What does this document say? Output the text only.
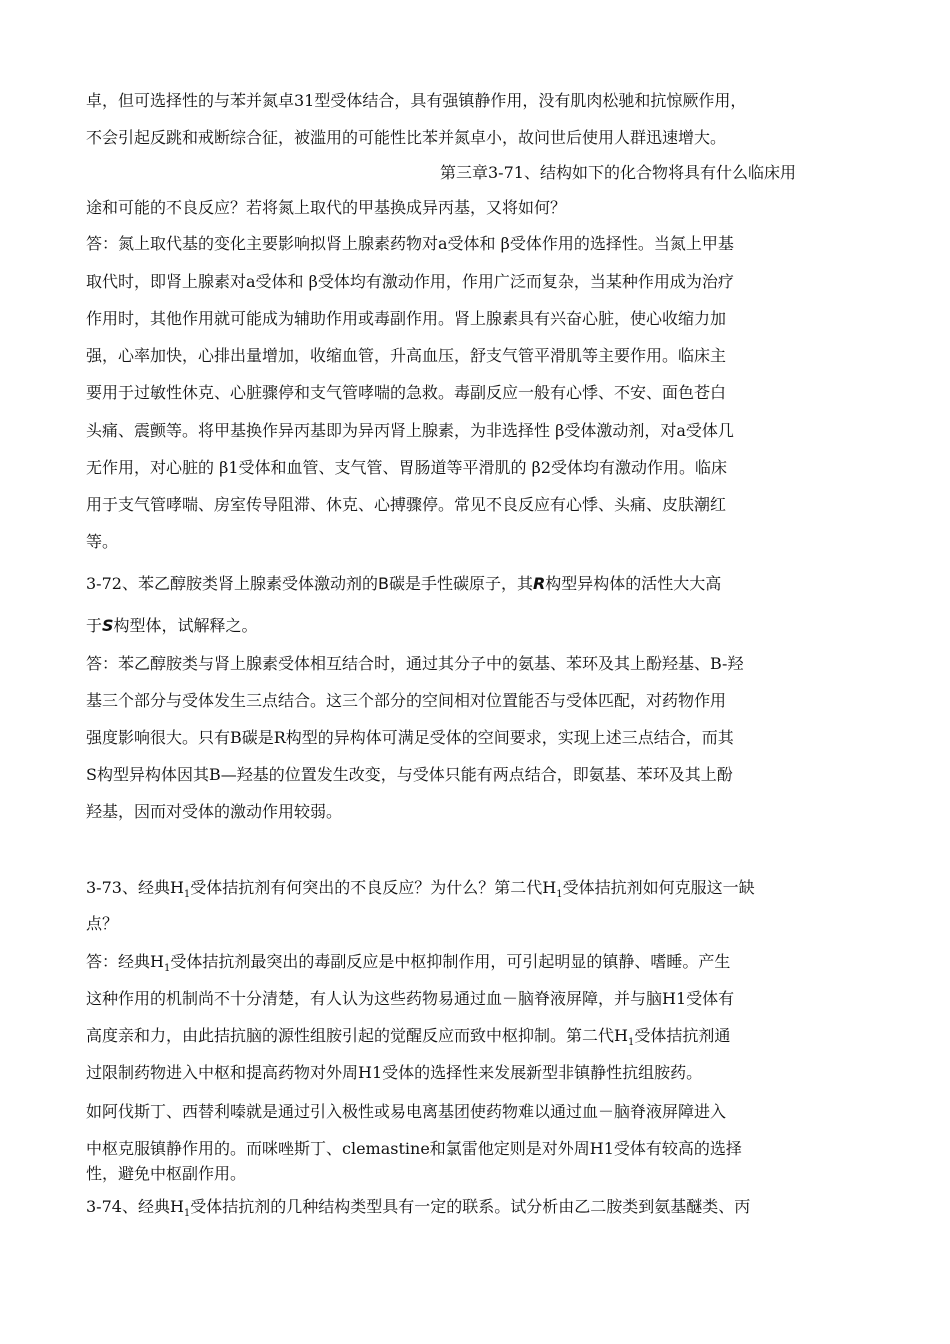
卓，但可选择性的与苯并氮卓31型受体结合，具有强镇静作用，没有肌肉松驰和抗惊厥作用，
不会引起反跳和戒断综合征，被滥用的可能性比苯并氮卓小，故问世后使用人群迅速增大。
第三章3-71、结构如下的化合物将具有什么临床用
途和可能的不良反应？若将氮上取代的甲基换成异丙基，又将如何？
答：氮上取代基的变化主要影响拟肾上腺素药物对a受体和 β受体作用的选择性。当氮上甲基
取代时，即肾上腺素对a受体和 β受体均有激动作用，作用广泛而复杂，当某种作用成为治疗
作用时，其他作用就可能成为辅助作用或毒副作用。肾上腺素具有兴奋心脏，使心收缩力加
强，心率加快，心排出量增加，收缩血管，升高血压，舒支气管平滑肌等主要作用。临床主
要用于过敏性休克、心脏骤停和支气管哮喘的急救。毒副反应一般有心悸、不安、面色苍白
头痛、震颤等。将甲基换作异丙基即为异丙肾上腺素，为非选择性 β受体激动剂，对a受体几
无作用，对心脏的 β1受体和血管、支气管、胃肠道等平滑肌的 β2受体均有激动作用。临床
用于支气管哮喘、房室传导阻滞、休克、心搏骤停。常见不良反应有心悸、头痛、皮肤潮红
等。
3-72、苯乙醇胺类肾上腺素受体激动剂的B碳是手性碳原子，其R构型异构体的活性大大高
于S构型体，试解释之。
答：苯乙醇胺类与肾上腺素受体相互结合时，通过其分子中的氨基、苯环及其上酚羟基、B-羟
基三个部分与受体发生三点结合。这三个部分的空间相对位置能否与受体匹配，对药物作用
强度影响很大。只有B碳是R构型的异构体可满足受体的空间要求，实现上述三点结合，而其
S构型异构体因其B—羟基的位置发生改变，与受体只能有两点结合，即氨基、苯环及其上酚
羟基，因而对受体的激动作用较弱。
3-73、经典$H_1$受体拮抗剂有何突出的不良反应？为什么？第二代$H_1$受体拮抗剂如何克服这一缺
点？
答：经典$H_1$受体拮抗剂最突出的毒副反应是中枢抑制作用，可引起明显的镇静、嗜睡。产生
这种作用的机制尚不十分清楚，有人认为这些药物易通过血－脑脊液屏障，并与脑H1受体有
高度亲和力，由此拮抗脑的源性组胺引起的觉醒反应而致中枢抑制。第二代$H_1$受体拮抗剂通
过限制药物进入中枢和提高药物对外周H1受体的选择性来发展新型非镇静性抗组胺药。
如阿伐斯丁、西替利嗪就是通过引入极性或易电离基团使药物难以通过血－脑脊液屏障进入
中枢克服镇静作用的。而咪唑斯丁、clemastine和氯雷他定则是对外周H1受体有较高的选择
性，避免中枢副作用。
3-74、经典$H_1$受体拮抗剂的几种结构类型具有一定的联系。试分析由乙二胺类到氨基醚类、丙
